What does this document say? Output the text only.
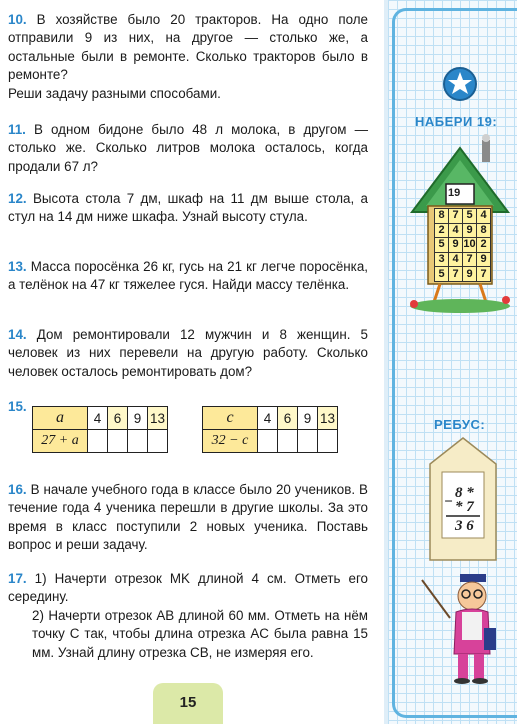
10. В хозяйстве было 20 тракторов. На одно поле отправили 9 из них, на другое — столько же, а остальные были в ремонте. Сколько тракторов было в ремонте?
Реши задачу разными способами.
11. В одном бидоне было 48 л молока, в другом — столько же. Сколько литров молока осталось, когда продали 67 л?
12. Высота стола 7 дм, шкаф на 11 дм выше стола, а стул на 14 дм ниже шкафа. Узнай высоту стула.
13. Масса поросёнка 26 кг, гусь на 21 кг легче поросёнка, а телёнок на 47 кг тяжелее гуся. Найди массу телёнка.
14. Дом ремонтировали 12 мужчин и 8 женщин. 5 человек из них перевели на другую работу. Сколько человек осталось ремонтировать дом?
15.
a	4	6	9	13
27 + a				
c	4	6	9	13
32 − c				
16. В начале учебного года в классе было 20 учеников. В течение года 4 ученика перешли в другие школы. За это время в класс поступили 2 новых ученика. Поставь вопрос и реши задачу.
17. 1) Начерти отрезок MK длиной 4 см. Отметь его середину.
2) Начерти отрезок AB длиной 60 мм. Отметь на нём точку C так, чтобы длина отрезка AC была равна 15 мм. Узнай длину отрезка CB, не измеряя его.
15
НАБЕРИ 19:
19
8	7	5	4
2	4	9	8
5	9	10	2
3	4	7	9
5	7	9	7
РЕБУС:
8 *
− * 7
3 6
